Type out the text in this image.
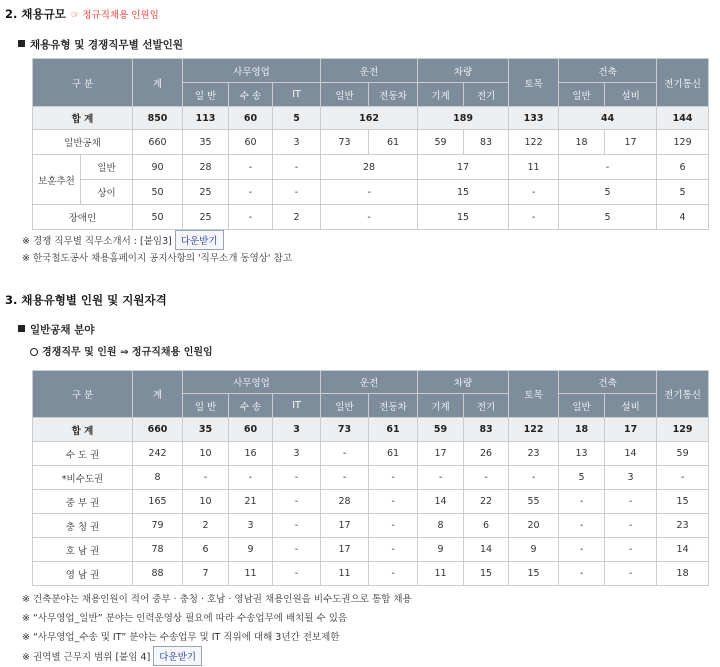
2. 채용규모 ☞ 정규직채용 인원임
채용유형 및 경쟁직무별 선발인원
구 분		계	사무영업			운전		차량		토목	건축		전기통신
			일 반	수 송	IT	일반	전동차	기계	전기		일반	설비	
합 계		850	113	60	5	162		189		133	44		144
일반공채		660	35	60	3	73	61	59	83	122	18	17	129
보훈추천	일반	90	28	-	-	28		17		11	-		6
	상이	50	25	-	-	-		15		-	5		5
장애인		50	25	-	2	-		15		-	5		4
※ 경쟁 직무별 직무소개서 : [붙임3] 다운받기
※ 한국철도공사 채용홈페이지 공지사항의 '직무소개 동영상' 참고
3. 채용유형별 인원 및 지원자격
일반공채 분야
경쟁직무 및 인원 ⇒ 정규직채용 인원임
구 분	계	사무영업			운전		차량		토목	건축		전기통신
		일 반	수 송	IT	일반	전동차	기계	전기		일반	설비	
합 계	660	35	60	3	73	61	59	83	122	18	17	129
수 도 권	242	10	16	3	-	61	17	26	23	13	14	59
*비수도권	8	-	-	-	-	-	-	-	-	5	3	-
중 부 권	165	10	21	-	28	-	14	22	55	-	-	15
충 청 권	79	2	3	-	17	-	8	6	20	-	-	23
호 남 권	78	6	9	-	17	-	9	14	9	-	-	14
영 남 권	88	7	11	-	11	-	11	15	15	-	-	18
※ 건축분야는 채용인원이 적어 중부 · 충청 · 호남 · 영남권 채용인원을 비수도권으로 통합 채용
※ “사무영업_일반” 분야는 인력운영상 필요에 따라 수송업무에 배치될 수 있음
※ “사무영업_수송 및 IT” 분야는 수송업무 및 IT 직위에 대해 3년간 전보제한
※ 권역별 근무지 범위 [붙임 4] 다운받기
